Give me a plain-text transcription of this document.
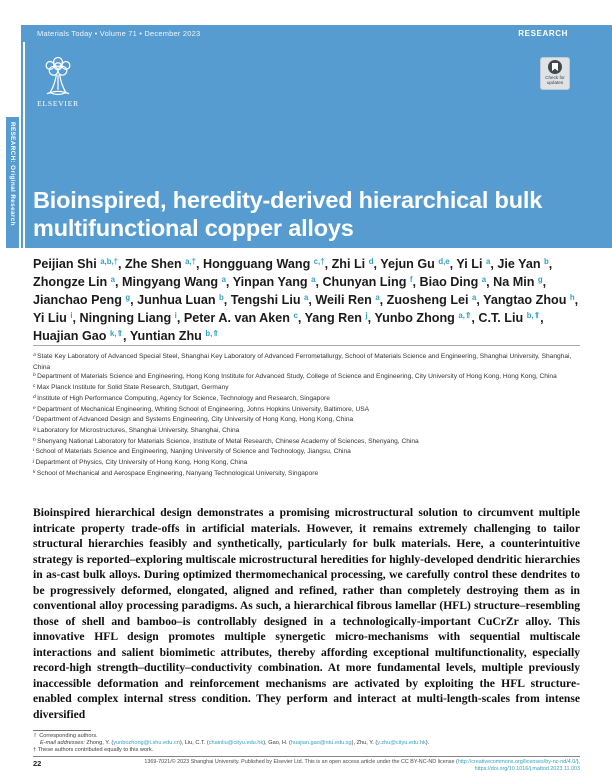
Materials Today • Volume 71 • December 2023	RESEARCH
ELSEVIER
Check for
updates
Bioinspired, heredity-derived hierarchical bulk multifunctional copper alloys
RESEARCH: Original Research
Peijian Shi $^{a,b,\dagger}$, Zhe Shen $^{a,\dagger}$, Hongguang Wang $^{c,\dagger}$, Zhi Li $^d$, Yejun Gu $^{d,e}$, Yi Li $^a$, Jie Yan $^b$, Zhongze Lin $^a$, Mingyang Wang $^a$, Yinpan Yang $^a$, Chunyan Ling $^f$, Biao Ding $^a$, Na Min $^g$, Jianchao Peng $^g$, Junhua Luan $^b$, Tengshi Liu $^a$, Weili Ren $^a$, Zuosheng Lei $^a$, Yangtao Zhou $^h$, Yi Liu $^i$, Ningning Liang $^i$, Peter A. van Aken $^c$, Yang Ren $^j$, Yunbo Zhong $^{a,⇑}$, C.T. Liu $^{b,⇑}$, Huajian Gao $^{k,⇑}$, Yuntian Zhu $^{b,⇑}$
$^a$ State Key Laboratory of Advanced Special Steel, Shanghai Key Laboratory of Advanced Ferrometallurgy, School of Materials Science and Engineering, Shanghai University, Shanghai, China
$^b$ Department of Materials Science and Engineering, Hong Kong Institute for Advanced Study, College of Science and Engineering, City University of Hong Kong, Hong Kong, China
$^c$ Max Planck Institute for Solid State Research, Stuttgart, Germany
$^d$ Institute of High Performance Computing, Agency for Science, Technology and Research, Singapore
$^e$ Department of Mechanical Engineering, Whiting School of Engineering, Johns Hopkins University, Baltimore, USA
$^f$ Department of Advanced Design and Systems Engineering, City University of Hong Kong, Hong Kong, China
$^g$ Laboratory for Microstructures, Shanghai University, Shanghai, China
$^h$ Shenyang National Laboratory for Materials Science, Institute of Metal Research, Chinese Academy of Sciences, Shenyang, China
$^i$ School of Materials Science and Engineering, Nanjing University of Science and Technology, Jiangsu, China
$^j$ Department of Physics, City University of Hong Kong, Hong Kong, China
$^k$ School of Mechanical and Aerospace Engineering, Nanyang Technological University, Singapore
Bioinspired hierarchical design demonstrates a promising microstructural solution to circumvent multiple intricate property trade-offs in artificial materials. However, it remains extremely challenging to tailor structural hierarchies feasibly and synthetically, particularly for bulk materials. Here, a counterintuitive strategy is reported–exploring multiscale microstructural heredities for highly-developed dendritic hierarchies in as-cast bulk alloys. During optimized thermomechanical processing, we carefully control these dendrites to be progressively deformed, elongated, aligned and refined, rather than completely destroying them as in conventional alloy processing paradigms. As such, a hierarchical fibrous lamellar (HFL) structure–resembling those of shell and bamboo–is controllably designed in a technologically-important CuCrZr alloy. This innovative HFL design promotes multiple synergetic micro-mechanisms with sequential multiscale interactions and salient biomimetic attributes, thereby affording exceptional multifunctionality, especially record-high strength–ductility–conductivity combination. At more fundamental levels, multiple previously inaccessible deformation and reinforcement mechanisms are activated by exploiting the HFL structure-enabled complex internal stress condition. They perform and interact at multi-length-scales from intense diversified
⇑ Corresponding authors.
E-mail addresses: Zhong, Y. (yunbozhong@t.shu.edu.cn), Liu, C.T. (chainliu@cityu.edu.hk), Gao, H. (huajian.gao@ntu.edu.sg), Zhu, Y. (y.zhu@cityu.edu.hk).
† These authors contributed equally to this work.
22	1369-7021/© 2023 Shanghai University. Published by Elsevier Ltd. This is an open access article under the CC BY-NC-ND license (http://creativecommons.org/licenses/by-nc-nd/4.0/).
https://doi.org/10.1016/j.mattod.2023.11.003
